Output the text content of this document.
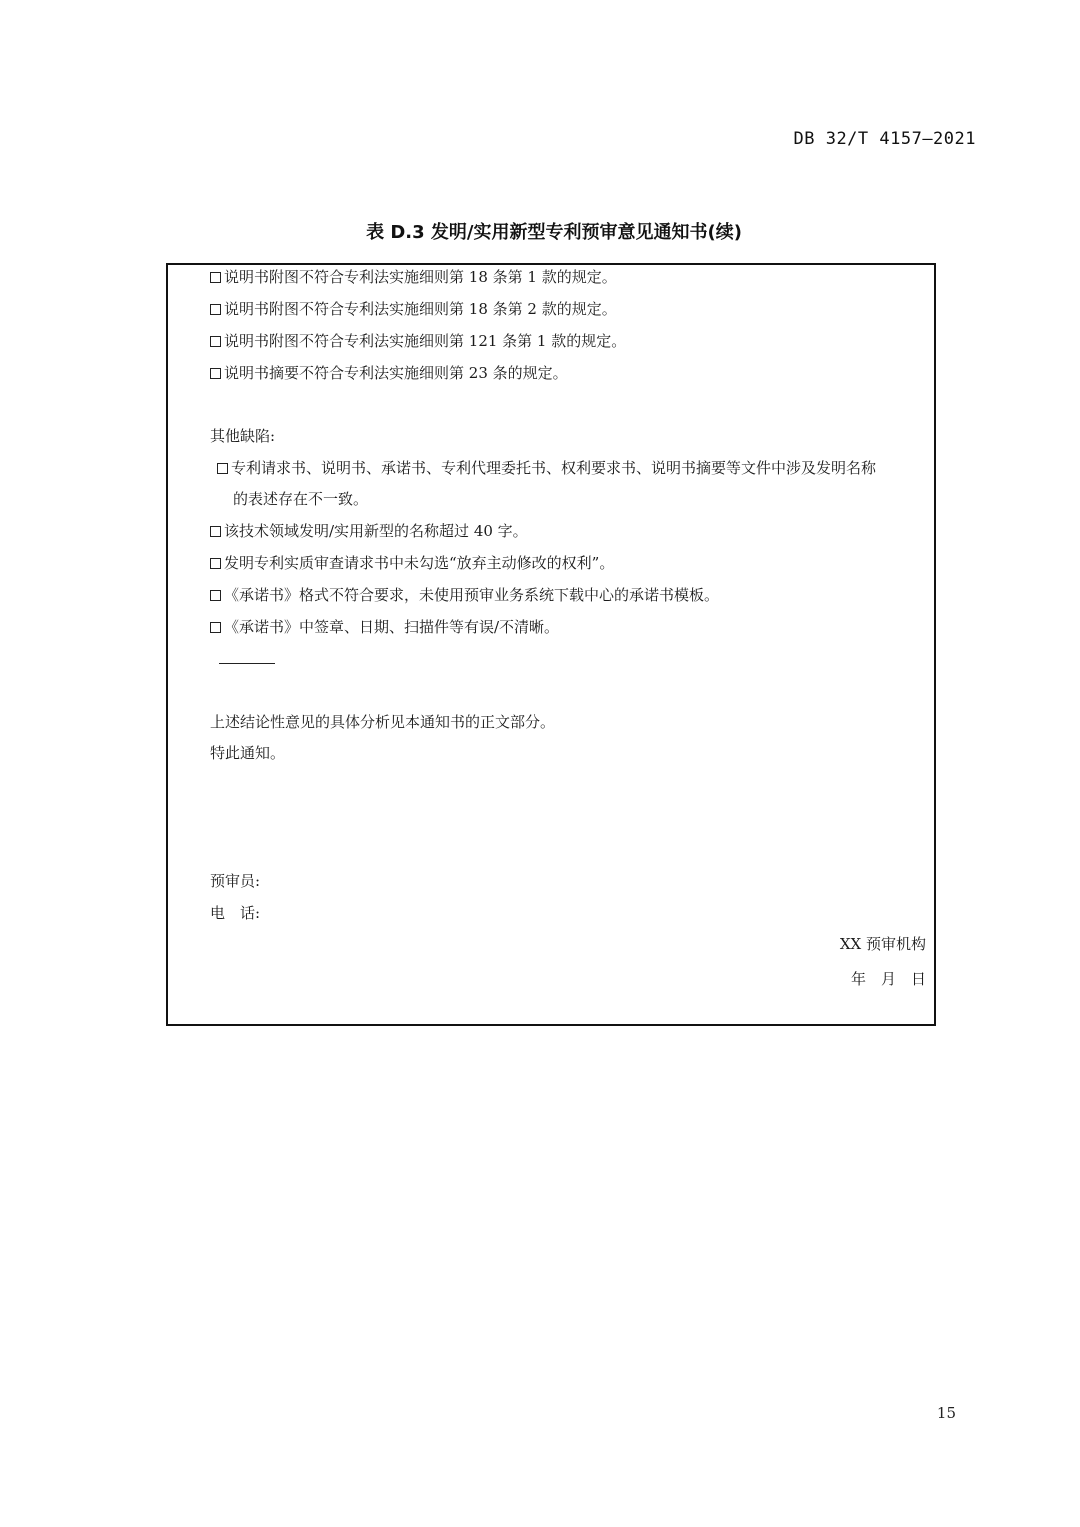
DB 32/T 4157—2021
表 D.3 发明/实用新型专利预审意见通知书(续)
说明书附图不符合专利法实施细则第 18 条第 1 款的规定。
说明书附图不符合专利法实施细则第 18 条第 2 款的规定。
说明书附图不符合专利法实施细则第 121 条第 1 款的规定。
说明书摘要不符合专利法实施细则第 23 条的规定。
其他缺陷:
专利请求书、说明书、承诺书、专利代理委托书、权利要求书、说明书摘要等文件中涉及发明名称
的表述存在不一致。
该技术领域发明/实用新型的名称超过 40 字。
发明专利实质审查请求书中未勾选“放弃主动修改的权利”。
《承诺书》格式不符合要求，未使用预审业务系统下载中心的承诺书模板。
《承诺书》中签章、日期、扫描件等有误/不清晰。
上述结论性意见的具体分析见本通知书的正文部分。
特此通知。
预审员:
电　话:
XX 预审机构
年　月　日
15
